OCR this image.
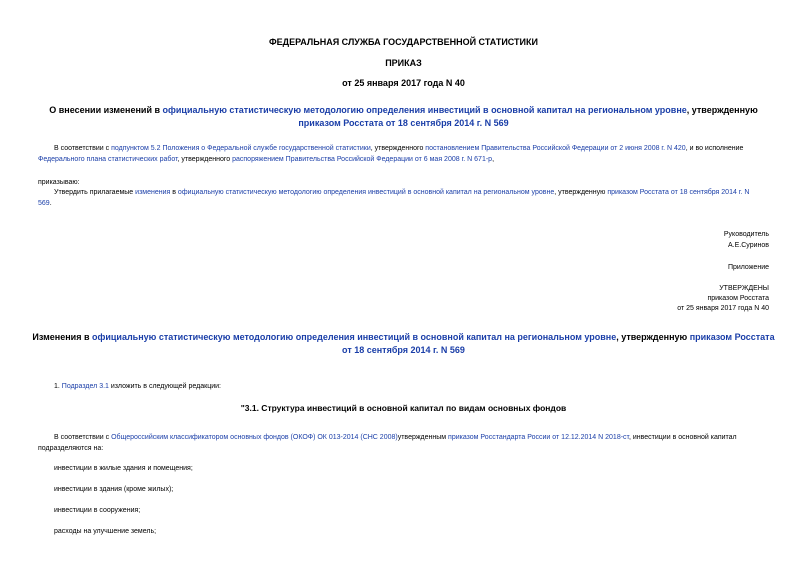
ФЕДЕРАЛЬНАЯ СЛУЖБА ГОСУДАРСТВЕННОЙ СТАТИСТИКИ
ПРИКАЗ
от 25 января 2017 года N 40
О внесении изменений в официальную статистическую методологию определения инвестиций в основной капитал на региональном уровне, утвержденную
приказом Росстата от 18 сентября 2014 г. N 569
В соответствии с подпунктом 5.2 Положения о Федеральной службе государственной статистики, утвержденного постановлением Правительства Российской Федерации от 2 июня 2008 г. N 420, и во исполнение
Федерального плана статистических работ, утвержденного распоряжением Правительства Российской Федерации от 6 мая 2008 г. N 671-р,
приказываю:
Утвердить прилагаемые изменения в официальную статистическую методологию определения инвестиций в основной капитал на региональном уровне, утвержденную приказом Росстата от 18 сентября 2014 г. N
569.
Руководитель
А.Е.Суринов
Приложение
УТВЕРЖДЕНЫ
приказом Росстата
от 25 января 2017 года N 40
Изменения в официальную статистическую методологию определения инвестиций в основной капитал на региональном уровне, утвержденную приказом Росстата
от 18 сентября 2014 г. N 569
1. Подраздел 3.1 изложить в следующей редакции:
"3.1. Структура инвестиций в основной капитал по видам основных фондов
В соответствии с Общероссийским классификатором основных фондов (ОКОФ) ОК 013-2014 (СНС 2008)утвержденным приказом Росстандарта России от 12.12.2014 N 2018-ст, инвестиции в основной капитал
подразделяются на:
инвестиции в жилые здания и помещения;
инвестиции в здания (кроме жилых);
инвестиции в сооружения;
расходы на улучшение земель;
